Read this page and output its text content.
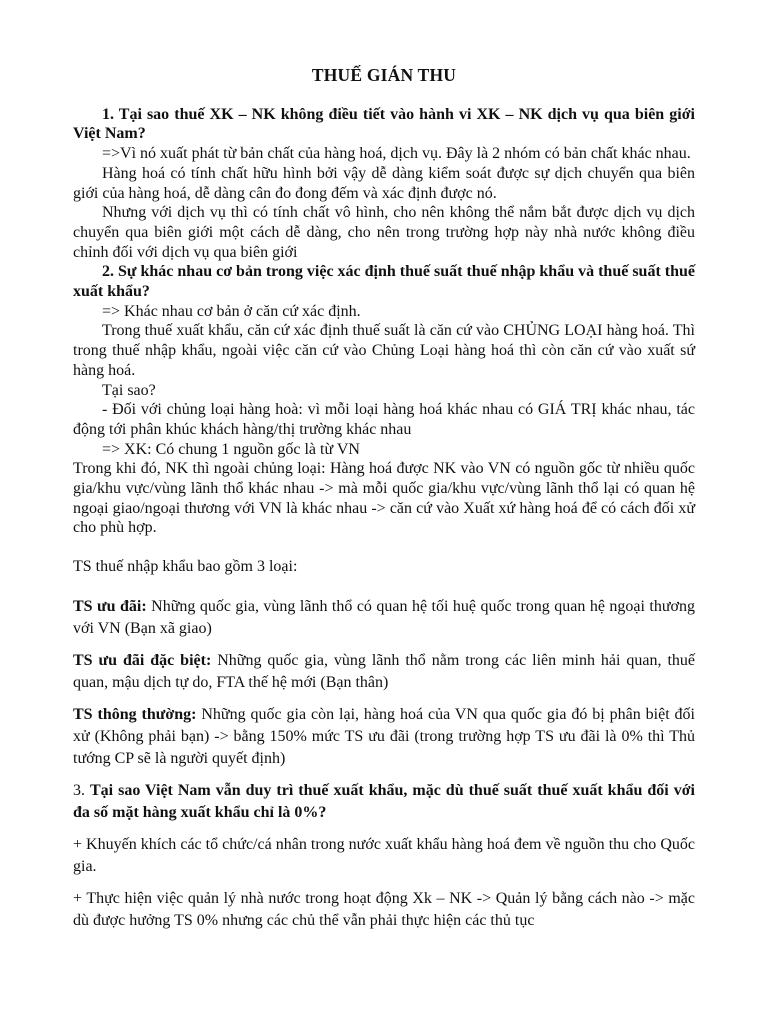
THUẾ GIÁN THU

1. Tại sao thuế XK – NK không điều tiết vào hành vi XK – NK dịch vụ qua biên giới Việt Nam?

=>Vì nó xuất phát từ bản chất của hàng hoá, dịch vụ. Đây là 2 nhóm có bản chất khác nhau.

Hàng hoá có tính chất hữu hình bởi vậy dễ dàng kiểm soát được sự dịch chuyển qua biên giới của hàng hoá, dễ dàng cân đo đong đếm và xác định được nó.

Nhưng với dịch vụ thì có tính chất vô hình, cho nên không thể nắm bắt được dịch vụ dịch chuyển qua biên giới một cách dễ dàng, cho nên trong trường hợp này nhà nước không điều chỉnh đối với dịch vụ qua biên giới

2. Sự khác nhau cơ bản trong việc xác định thuế suất thuế nhập khẩu và thuế suất thuế xuất khẩu?

=> Khác nhau cơ bản ở căn cứ xác định.

Trong thuế xuất khẩu, căn cứ xác định thuế suất là căn cứ vào CHỦNG LOẠI hàng hoá. Thì trong thuế nhập khẩu, ngoài việc căn cứ vào Chủng Loại hàng hoá thì còn căn cứ vào xuất sứ hàng hoá.

Tại sao?

- Đối với chủng loại hàng hoà: vì mỗi loại hàng hoá khác nhau có GIÁ TRỊ khác nhau, tác động tới phân khúc khách hàng/thị trường khác nhau

=> XK: Có chung 1 nguồn gốc là từ VN

Trong khi đó, NK thì ngoài chủng loại: Hàng hoá được NK vào VN có nguồn gốc từ nhiều quốc gia/khu vực/vùng lãnh thổ khác nhau -> mà mỗi quốc gia/khu vực/vùng lãnh thổ lại có quan hệ ngoại giao/ngoại thương với VN là khác nhau -> căn cứ vào Xuất xứ hàng hoá để có cách đối xử cho phù hợp.

TS thuế nhập khẩu bao gồm 3 loại:

TS ưu đãi: Những quốc gia, vùng lãnh thổ có quan hệ tối huệ quốc trong quan hệ ngoại thương với VN (Bạn xã giao)

TS ưu đãi đặc biệt: Những quốc gia, vùng lãnh thổ nằm trong các liên minh hải quan, thuế quan, mậu dịch tự do, FTA thế hệ mới (Bạn thân)

TS thông thường: Những quốc gia còn lại, hàng hoá của VN qua quốc gia đó bị phân biệt đối xử (Không phải bạn) -> bằng 150% mức TS ưu đãi (trong trường hợp TS ưu đãi là 0% thì Thủ tướng CP sẽ là người quyết định)

3. Tại sao Việt Nam vẫn duy trì thuế xuất khẩu, mặc dù thuế suất thuế xuất khẩu đối với đa số mặt hàng xuất khẩu chỉ là 0%?

+ Khuyến khích các tổ chức/cá nhân trong nước xuất khẩu hàng hoá đem về nguồn thu cho Quốc gia.

+ Thực hiện việc quản lý nhà nước trong hoạt động Xk – NK -> Quản lý bằng cách nào -> mặc dù được hưởng TS 0% nhưng các chủ thể vẫn phải thực hiện các thủ tục
